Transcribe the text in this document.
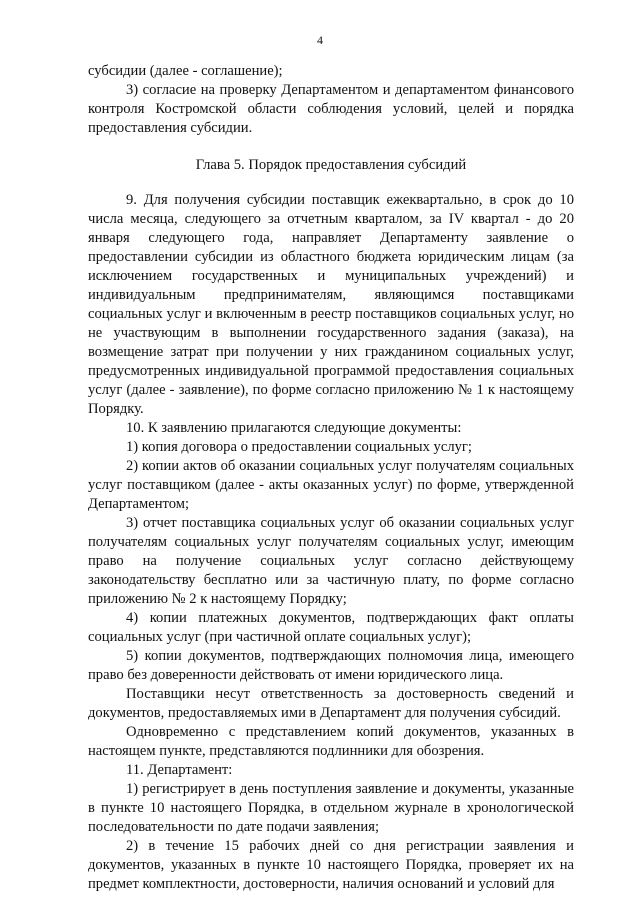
4

субсидии (далее - соглашение);

3) согласие на проверку Департаментом и департаментом финансового контроля Костромской области соблюдения условий, целей и порядка предоставления субсидии.

Глава 5. Порядок предоставления субсидий

9. Для получения субсидии поставщик ежеквартально, в срок до 10 числа месяца, следующего за отчетным кварталом, за IV квартал - до 20 января следующего года, направляет Департаменту заявление о предоставлении субсидии из областного бюджета юридическим лицам (за исключением государственных и муниципальных учреждений) и индивидуальным предпринимателям, являющимся поставщиками социальных услуг и включенным в реестр поставщиков социальных услуг, но не участвующим в выполнении государственного задания (заказа), на возмещение затрат при получении у них гражданином социальных услуг, предусмотренных индивидуальной программой предоставления социальных услуг (далее - заявление), по форме согласно приложению № 1 к настоящему Порядку.

10. К заявлению прилагаются следующие документы:

1) копия договора о предоставлении социальных услуг;

2) копии актов об оказании социальных услуг получателям социальных услуг поставщиком (далее - акты оказанных услуг) по форме, утвержденной Департаментом;

3) отчет поставщика социальных услуг об оказании социальных услуг получателям социальных услуг получателям социальных услуг, имеющим право на получение социальных услуг согласно действующему законодательству бесплатно или за частичную плату, по форме согласно приложению № 2 к настоящему Порядку;

4) копии платежных документов, подтверждающих факт оплаты социальных услуг (при частичной оплате социальных услуг);

5) копии документов, подтверждающих полномочия лица, имеющего право без доверенности действовать от имени юридического лица.

Поставщики несут ответственность за достоверность сведений и документов, предоставляемых ими в Департамент для получения субсидий.

Одновременно с представлением копий документов, указанных в настоящем пункте, представляются подлинники для обозрения.

11. Департамент:

1) регистрирует в день поступления заявление и документы, указанные в пункте 10 настоящего Порядка, в отдельном журнале в хронологической последовательности по дате подачи заявления;

2) в течение 15 рабочих дней со дня регистрации заявления и документов, указанных в пункте 10 настоящего Порядка, проверяет их на предмет комплектности, достоверности, наличия оснований и условий для
